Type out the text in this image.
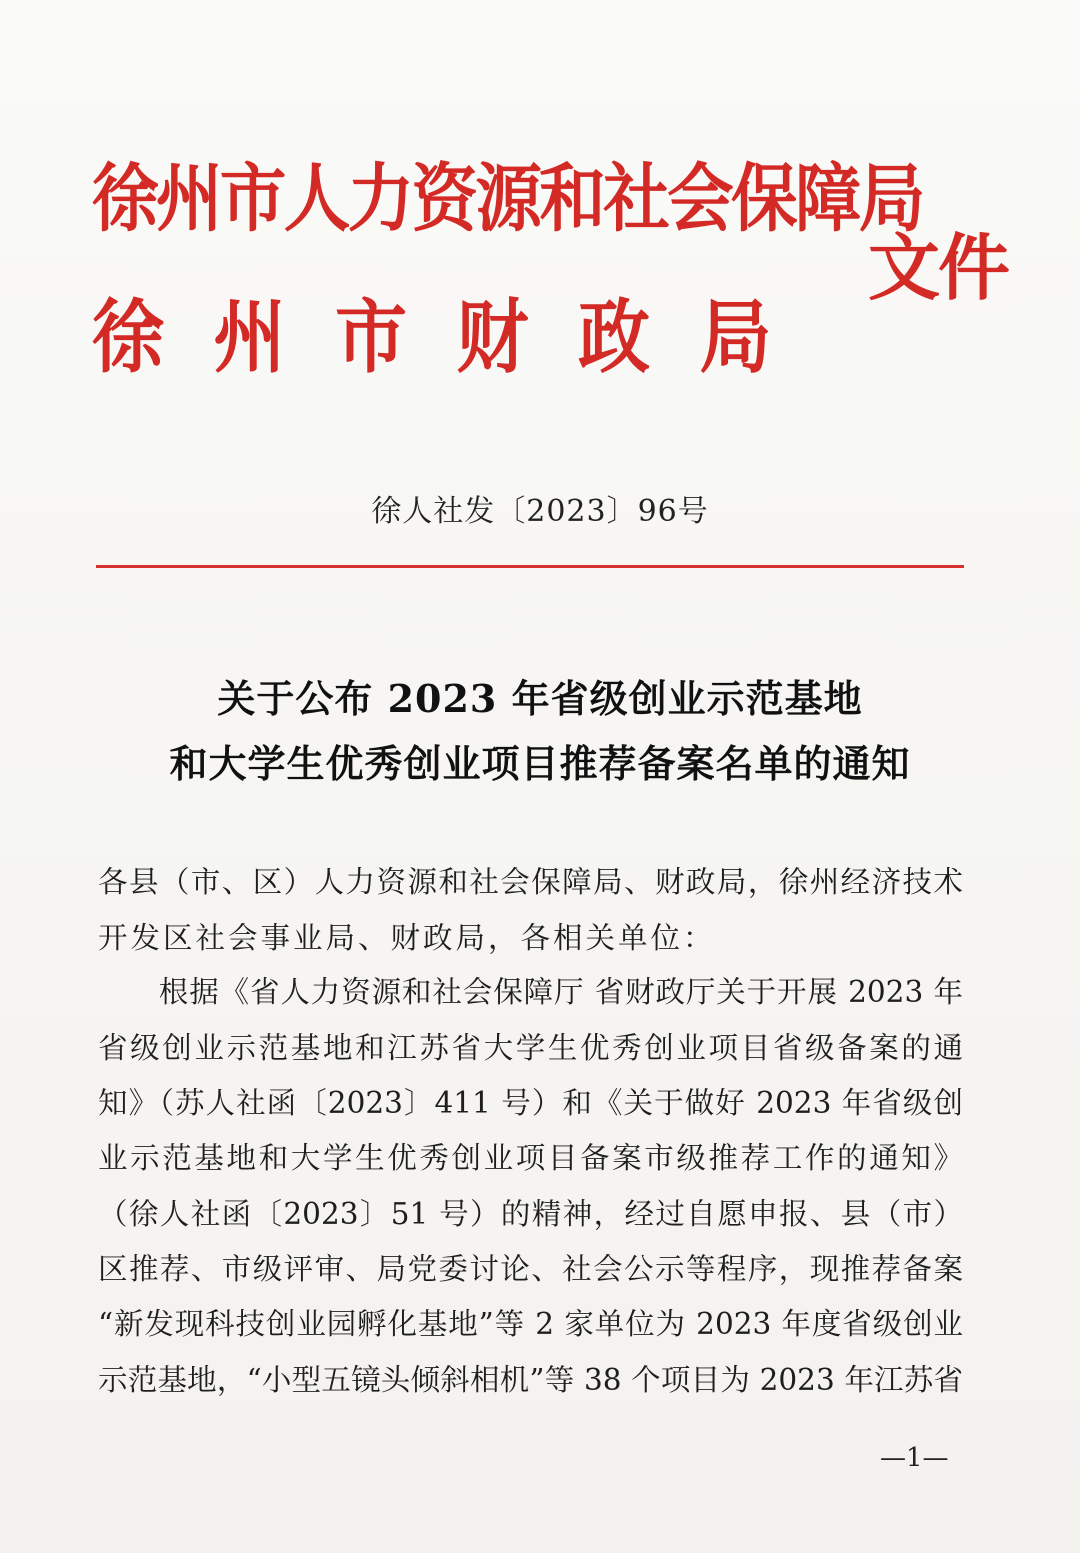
徐州市人力资源和社会保障局
徐州市财政局
文件
徐人社发〔2023〕96号
关于公布 2023 年省级创业示范基地
和大学生优秀创业项目推荐备案名单的通知
各县（市、区）人力资源和社会保障局、财政局，徐州经济技术
开发区社会事业局、财政局，各相关单位：
　　根据《省人力资源和社会保障厅 省财政厅关于开展 2023 年
省级创业示范基地和江苏省大学生优秀创业项目省级备案的通
知》（苏人社函〔2023〕411 号）和《关于做好 2023 年省级创
业示范基地和大学生优秀创业项目备案市级推荐工作的通知》
（徐人社函〔2023〕51 号）的精神，经过自愿申报、县（市）
区推荐、市级评审、局党委讨论、社会公示等程序，现推荐备案
“新发现科技创业园孵化基地”等 2 家单位为 2023 年度省级创业
示范基地，“小型五镜头倾斜相机”等 38 个项目为 2023 年江苏省
—1—
